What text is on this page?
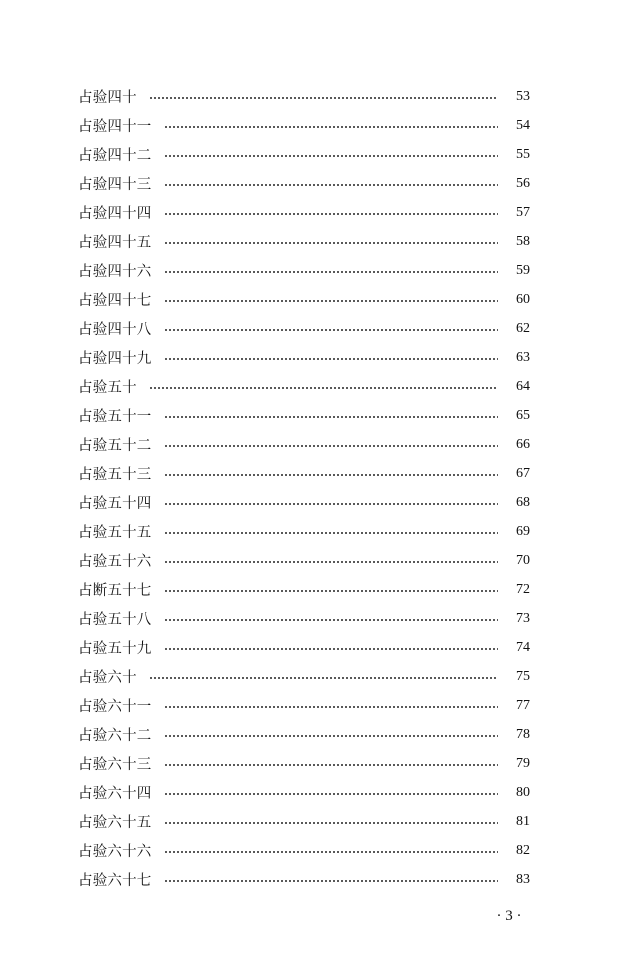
占验四十	53
占验四十一	54
占验四十二	55
占验四十三	56
占验四十四	57
占验四十五	58
占验四十六	59
占验四十七	60
占验四十八	62
占验四十九	63
占验五十	64
占验五十一	65
占验五十二	66
占验五十三	67
占验五十四	68
占验五十五	69
占验五十六	70
占断五十七	72
占验五十八	73
占验五十九	74
占验六十	75
占验六十一	77
占验六十二	78
占验六十三	79
占验六十四	80
占验六十五	81
占验六十六	82
占验六十七	83
· 3 ·
